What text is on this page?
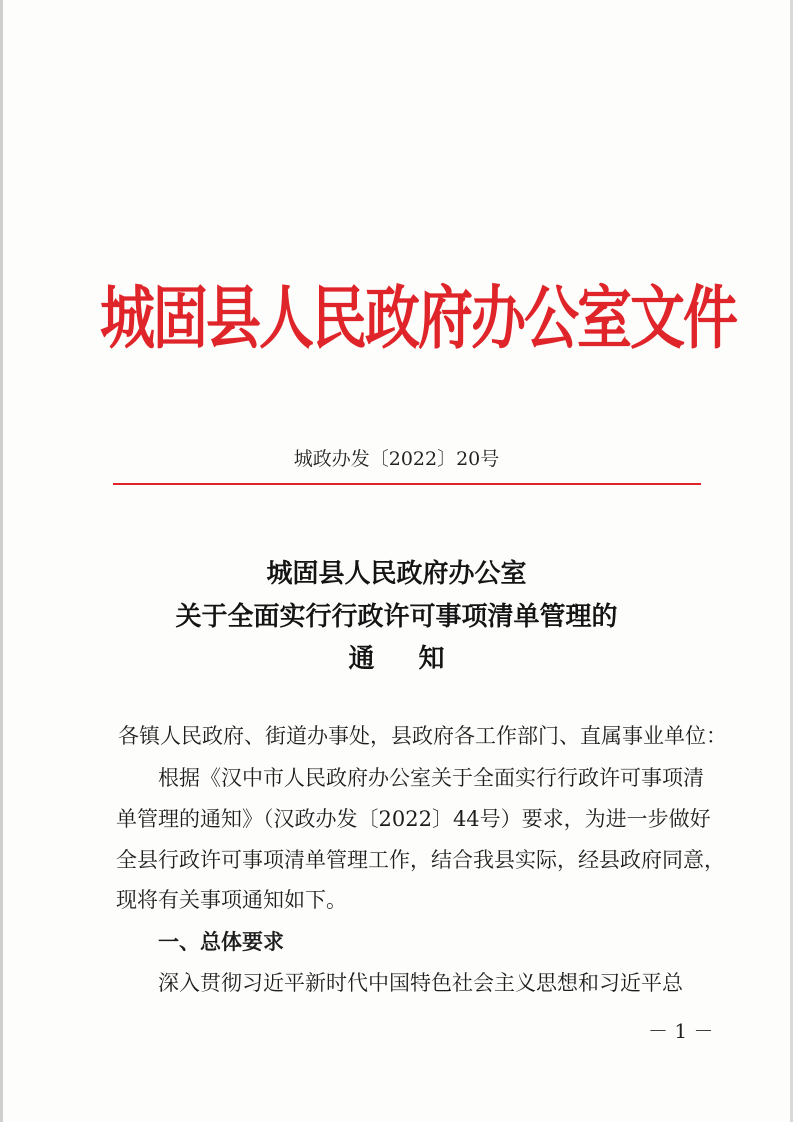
城固县人民政府办公室文件
城政办发〔2022〕20号
城固县人民政府办公室
关于全面实行行政许可事项清单管理的
通知
各镇人民政府、街道办事处，县政府各工作部门、直属事业单位：
根据《汉中市人民政府办公室关于全面实行行政许可事项清
单管理的通知》（汉政办发〔2022〕44号）要求，为进一步做好
全县行政许可事项清单管理工作，结合我县实际，经县政府同意，
现将有关事项通知如下。
一、总体要求
深入贯彻习近平新时代中国特色社会主义思想和习近平总
－ 1 －
